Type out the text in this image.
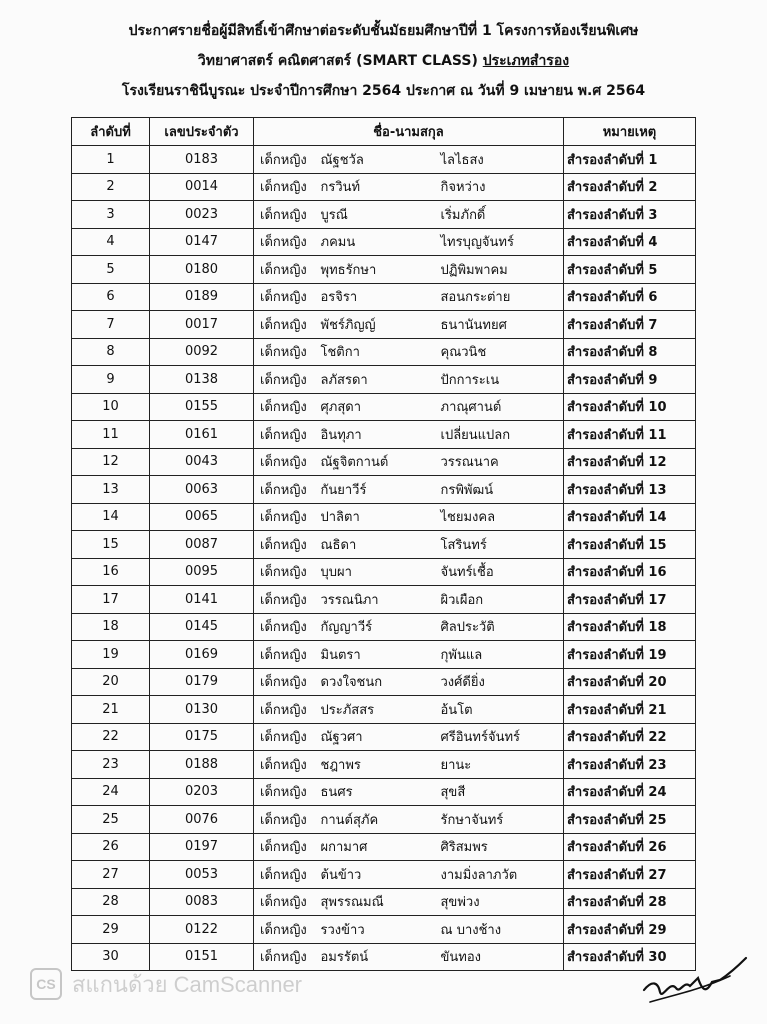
ประกาศรายชื่อผู้มีสิทธิ์เข้าศึกษาต่อระดับชั้นมัธยมศึกษาปีที่ 1 โครงการห้องเรียนพิเศษ
วิทยาศาสตร์ คณิตศาสตร์ (SMART CLASS) ประเภทสำรอง
โรงเรียนราชินีบูรณะ ประจำปีการศึกษา 2564 ประกาศ ณ วันที่ 9 เมษายน พ.ศ 2564
ลำดับที่	เลขประจำตัว	ชื่อ-นามสกุล			หมายเหตุ
1	0183	เด็กหญิง	ณัฐชวัล	ไลไธสง	สำรองลำดับที่ 1
2	0014	เด็กหญิง	กรวินท์	กิจหว่าง	สำรองลำดับที่ 2
3	0023	เด็กหญิง	บูรณี	เริ่มภักดิ์	สำรองลำดับที่ 3
4	0147	เด็กหญิง	ภคมน	ไทรบุญจันทร์	สำรองลำดับที่ 4
5	0180	เด็กหญิง	พุทธรักษา	ปฏิพิมพาคม	สำรองลำดับที่ 5
6	0189	เด็กหญิง	อรจิรา	สอนกระต่าย	สำรองลำดับที่ 6
7	0017	เด็กหญิง	พัชร์ภิญญ์	ธนานันทยศ	สำรองลำดับที่ 7
8	0092	เด็กหญิง	โชติกา	คุณวนิช	สำรองลำดับที่ 8
9	0138	เด็กหญิง	ลภัสรดา	ปักการะเน	สำรองลำดับที่ 9
10	0155	เด็กหญิง	ศุภสุดา	ภาณุศานต์	สำรองลำดับที่ 10
11	0161	เด็กหญิง	อินทุภา	เปลี่ยนแปลก	สำรองลำดับที่ 11
12	0043	เด็กหญิง	ณัฐจิตกานต์	วรรณนาค	สำรองลำดับที่ 12
13	0063	เด็กหญิง	กันยาวีร์	กรพิพัฒน์	สำรองลำดับที่ 13
14	0065	เด็กหญิง	ปาลิตา	ไชยมงคล	สำรองลำดับที่ 14
15	0087	เด็กหญิง	ณธิดา	โสรินทร์	สำรองลำดับที่ 15
16	0095	เด็กหญิง	บุบผา	จันทร์เชื้อ	สำรองลำดับที่ 16
17	0141	เด็กหญิง	วรรณนิภา	ผิวเผือก	สำรองลำดับที่ 17
18	0145	เด็กหญิง	กัญญาวีร์	ศิลประวัติ	สำรองลำดับที่ 18
19	0169	เด็กหญิง	มินตรา	กุพันแล	สำรองลำดับที่ 19
20	0179	เด็กหญิง	ดวงใจชนก	วงศ์ดียิ่ง	สำรองลำดับที่ 20
21	0130	เด็กหญิง	ประภัสสร	อ้นโต	สำรองลำดับที่ 21
22	0175	เด็กหญิง	ณัฐวศา	ศรีอินทร์จันทร์	สำรองลำดับที่ 22
23	0188	เด็กหญิง	ชฎาพร	ยานะ	สำรองลำดับที่ 23
24	0203	เด็กหญิง	ธนศร	สุขสี	สำรองลำดับที่ 24
25	0076	เด็กหญิง	กานต์สุภัค	รักษาจันทร์	สำรองลำดับที่ 25
26	0197	เด็กหญิง	ผกามาศ	ศิริสมพร	สำรองลำดับที่ 26
27	0053	เด็กหญิง	ต้นข้าว	งามมิ่งลาภวัต	สำรองลำดับที่ 27
28	0083	เด็กหญิง	สุพรรณมณี	สุขพ่วง	สำรองลำดับที่ 28
29	0122	เด็กหญิง	รวงข้าว	ณ บางช้าง	สำรองลำดับที่ 29
30	0151	เด็กหญิง	อมรรัตน์	ขันทอง	สำรองลำดับที่ 30
CS สแกนด้วย CamScanner
